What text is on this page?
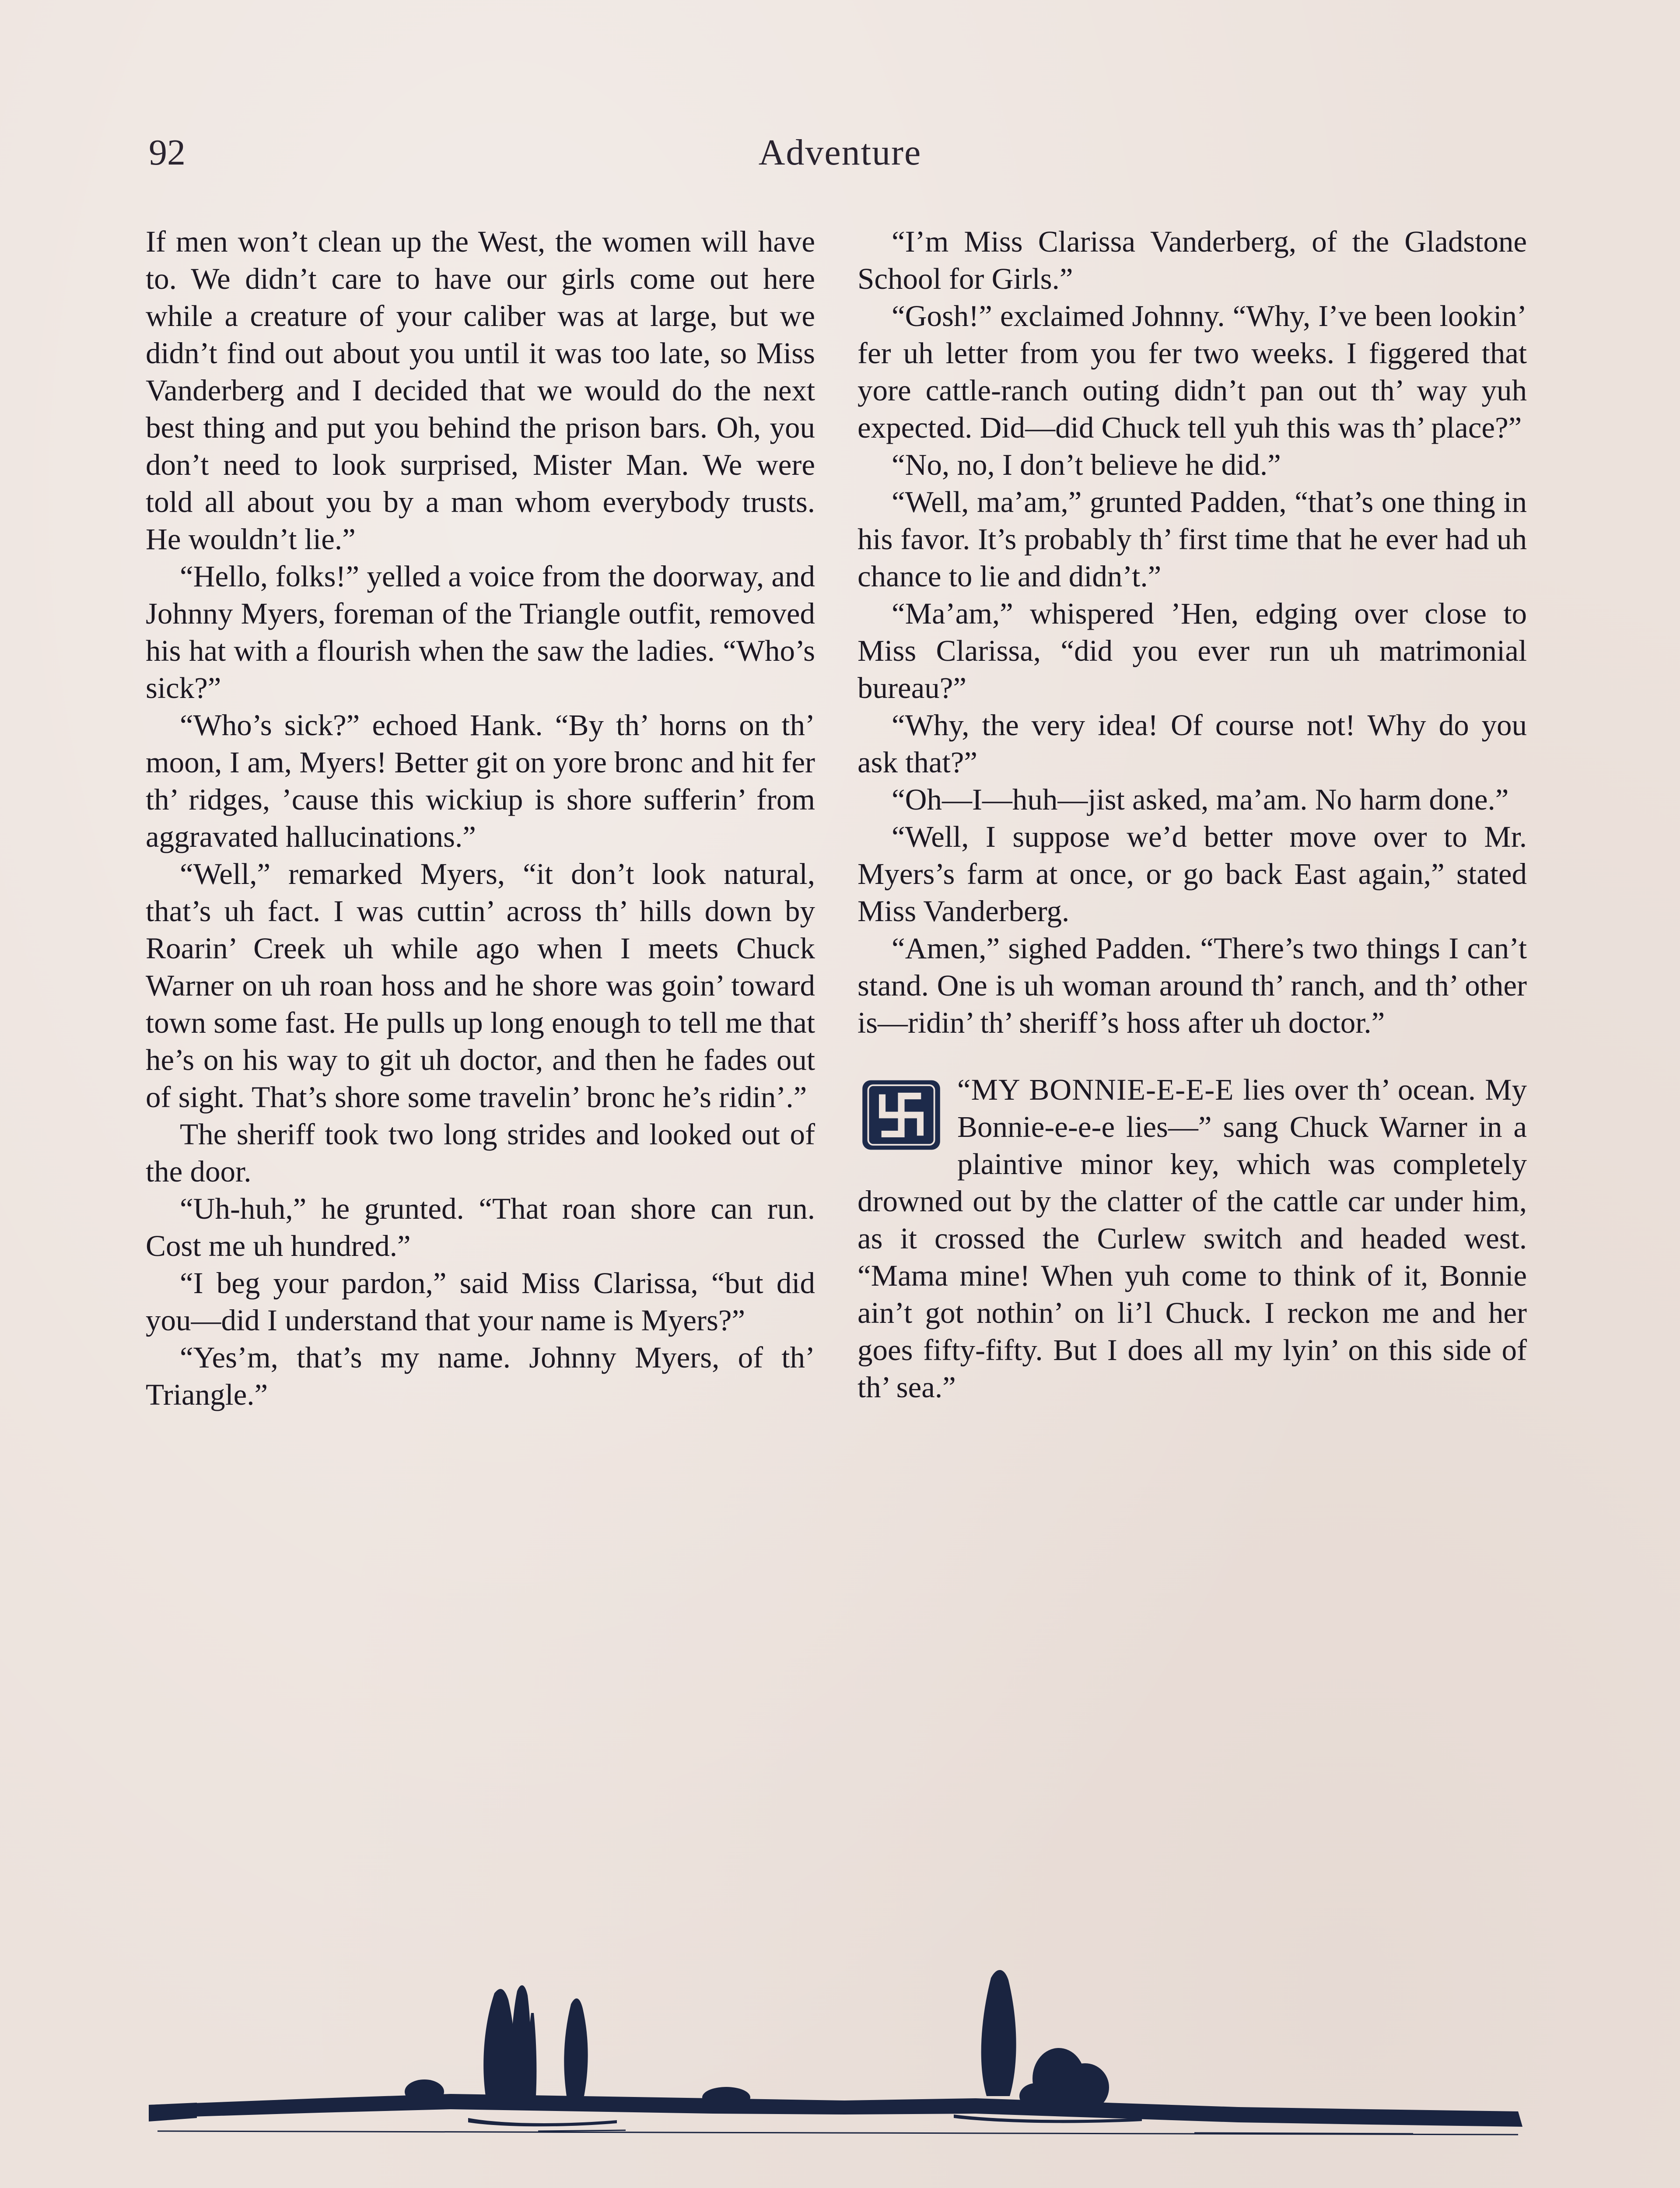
92	Adventure

If men won’t clean up the West, the women will have to. We didn’t care to have our girls come out here while a creature of your caliber was at large, but we didn’t find out about you until it was too late, so Miss Vanderberg and I decided that we would do the next best thing and put you behind the prison bars. Oh, you don’t need to look surprised, Mister Man. We were told all about you by a man whom everybody trusts. He wouldn’t lie.”

“Hello, folks!” yelled a voice from the doorway, and Johnny Myers, foreman of the Triangle outfit, removed his hat with a flourish when the saw the ladies. “Who’s sick?”

“Who’s sick?” echoed Hank. “By th’ horns on th’ moon, I am, Myers! Better git on yore bronc and hit fer th’ ridges, ’cause this wickiup is shore sufferin’ from aggravated hallucinations.”

“Well,” remarked Myers, “it don’t look natural, that’s uh fact. I was cuttin’ across th’ hills down by Roarin’ Creek uh while ago when I meets Chuck Warner on uh roan hoss and he shore was goin’ toward town some fast. He pulls up long enough to tell me that he’s on his way to git uh doctor, and then he fades out of sight. That’s shore some travelin’ bronc he’s ridin’.”

The sheriff took two long strides and looked out of the door.

“Uh-huh,” he grunted. “That roan shore can run. Cost me uh hundred.”

“I beg your pardon,” said Miss Clarissa, “but did you—did I understand that your name is Myers?”

“Yes’m, that’s my name. Johnny Myers, of th’ Triangle.”

“I’m Miss Clarissa Vanderberg, of the Gladstone School for Girls.”

“Gosh!” exclaimed Johnny. “Why, I’ve been lookin’ fer uh letter from you fer two weeks. I figgered that yore cattle-ranch outing didn’t pan out th’ way yuh expected. Did—did Chuck tell yuh this was th’ place?”

“No, no, I don’t believe he did.”

“Well, ma’am,” grunted Padden, “that’s one thing in his favor. It’s probably th’ first time that he ever had uh chance to lie and didn’t.”

“Ma’am,” whispered ’Hen, edging over close to Miss Clarissa, “did you ever run uh matrimonial bureau?”

“Why, the very idea! Of course not! Why do you ask that?”

“Oh—I—huh—jist asked, ma’am. No harm done.”

“Well, I suppose we’d better move over to Mr. Myers’s farm at once, or go back East again,” stated Miss Vanderberg.

“Amen,” sighed Padden. “There’s two things I can’t stand. One is uh woman around th’ ranch, and th’ other is—ridin’ th’ sheriff’s hoss after uh doctor.”

“MY BONNIE-E-E-E lies over th’ ocean. My Bonnie-e-e-e lies—” sang Chuck Warner in a plaintive minor key, which was completely drowned out by the clatter of the cattle car under him, as it crossed the Curlew switch and headed west. “Mama mine! When yuh come to think of it, Bonnie ain’t got nothin’ on li’l Chuck. I reckon me and her goes fifty-fifty. But I does all my lyin’ on this side of th’ sea.”
